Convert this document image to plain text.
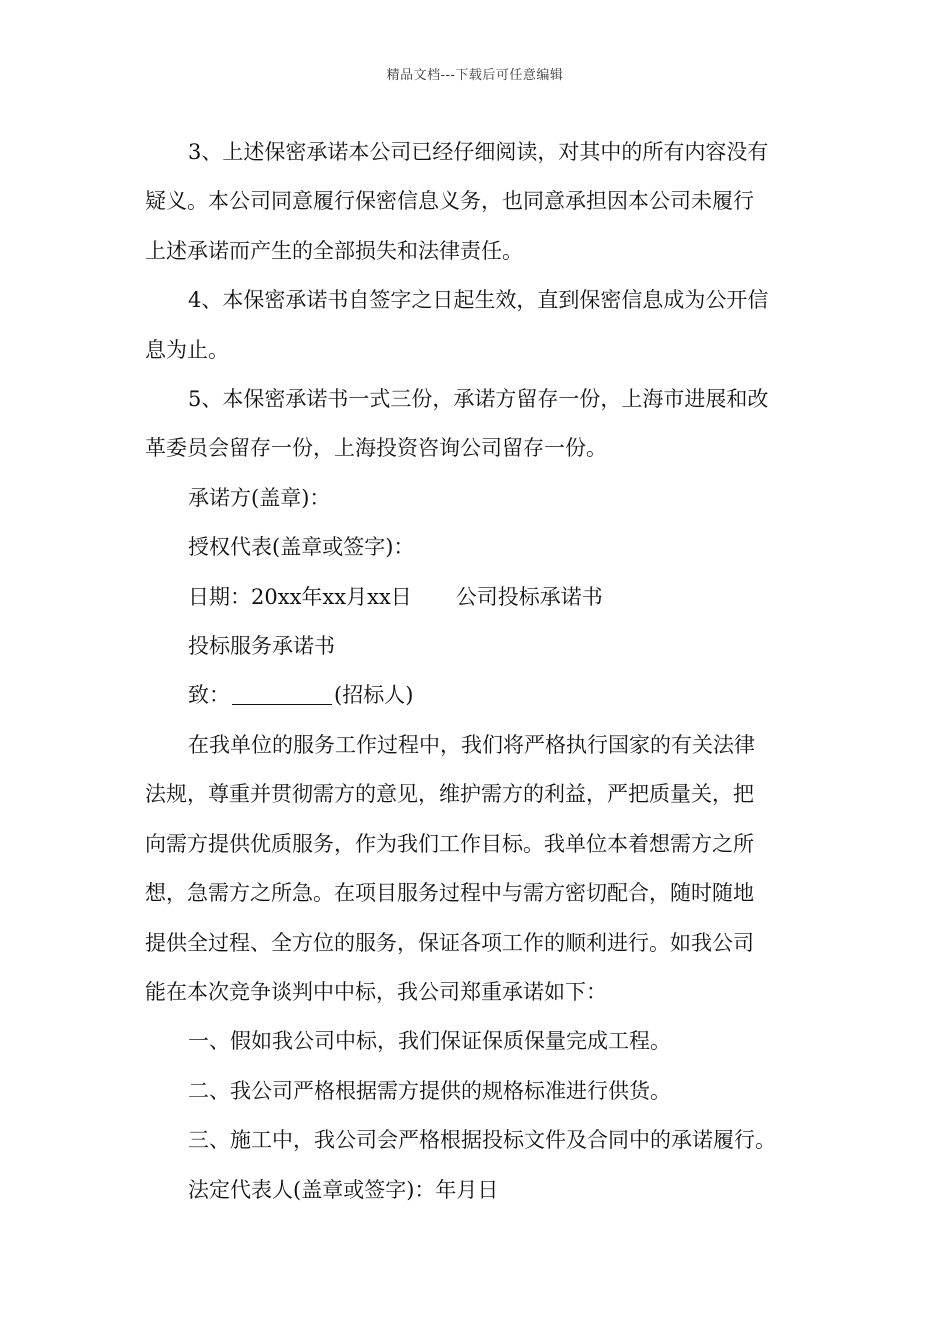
精品文档---下载后可任意编辑

3、上述保密承诺本公司已经仔细阅读，对其中的所有内容没有

疑义。本公司同意履行保密信息义务，也同意承担因本公司未履行
上述承诺而产生的全部损失和法律责任。

4、本保密承诺书自签字之日起生效，直到保密信息成为公开信

息为止。

5、本保密承诺书一式三份，承诺方留存一份，上海市进展和改

革委员会留存一份，上海投资咨询公司留存一份。

承诺方(盖章)：

授权代表(盖章或签字)：

日期：20xx年xx月xx日 公司投标承诺书

投标服务承诺书

致：	(招标人)

在我单位的服务工作过程中，我们将严格执行国家的有关法律

法规，尊重并贯彻需方的意见，维护需方的利益，严把质量关，把
向需方提供优质服务，作为我们工作目标。我单位本着想需方之所
想，急需方之所急。在项目服务过程中与需方密切配合，随时随地
提供全过程、全方位的服务，保证各项工作的顺利进行。如我公司
能在本次竞争谈判中中标，我公司郑重承诺如下：

一、假如我公司中标，我们保证保质保量完成工程。

二、我公司严格根据需方提供的规格标准进行供货。

三、施工中，我公司会严格根据投标文件及合同中的承诺履行。

法定代表人(盖章或签字)：年月日
